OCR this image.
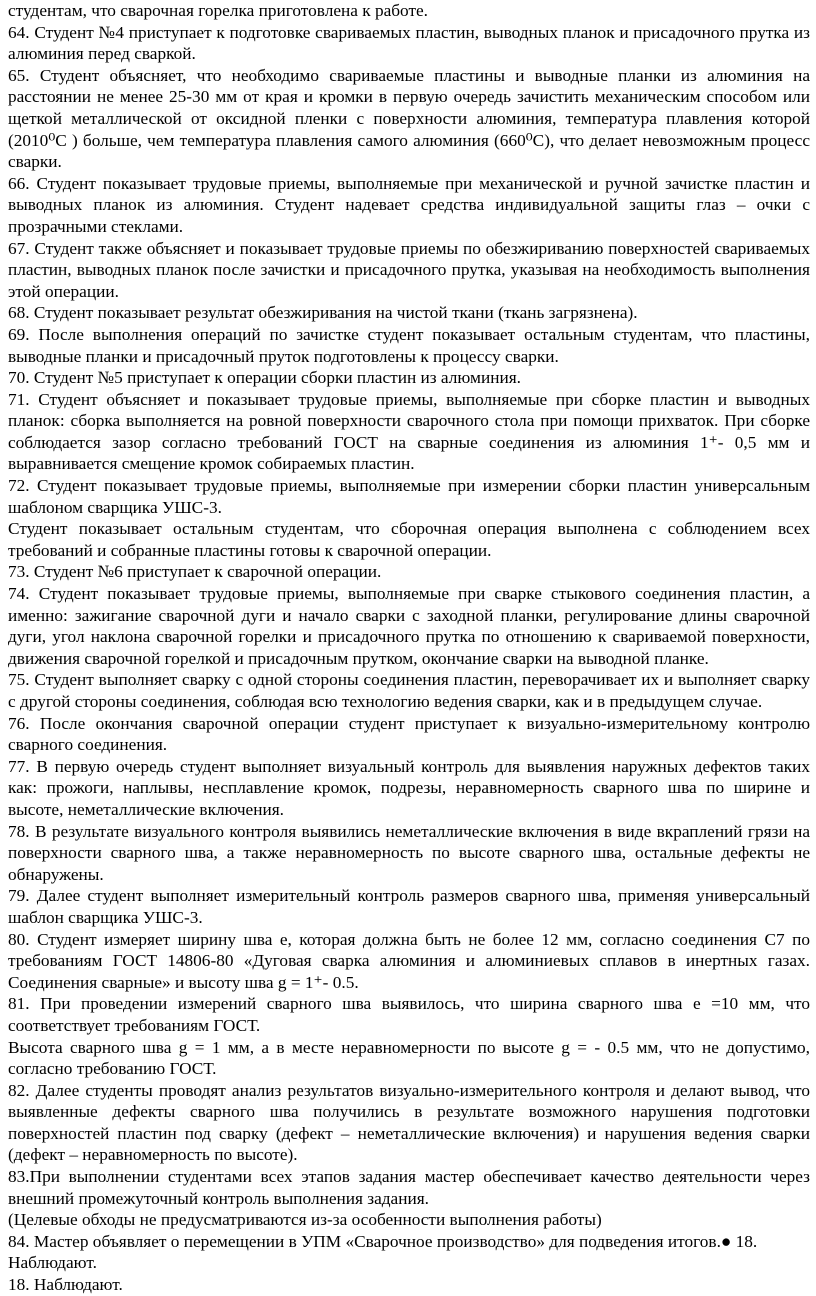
студентам, что сварочная горелка приготовлена к работе.

64. Студент №4 приступает к подготовке свариваемых пластин, выводных планок и присадочного прутка из алюминия перед сваркой.

65. Студент объясняет, что необходимо свариваемые пластины и выводные планки из алюминия на расстоянии не менее 25-30 мм от края и кромки в первую очередь зачистить механическим способом или щеткой металлической от оксидной пленки с поверхности алюминия, температура плавления которой (2010⁰С ) больше, чем температура плавления самого алюминия (660⁰С), что делает невозможным процесс сварки.

66. Студент показывает трудовые приемы, выполняемые при механической и ручной зачистке пластин и выводных планок из алюминия. Студент надевает средства индивидуальной защиты глаз – очки с прозрачными стеклами.

67. Студент также объясняет и показывает трудовые приемы по обезжириванию поверхностей свариваемых пластин, выводных планок после зачистки и присадочного прутка, указывая на необходимость выполнения этой операции.

68. Студент показывает результат обезжиривания на чистой ткани (ткань загрязнена).

69. После выполнения операций по зачистке студент показывает остальным студентам, что пластины, выводные планки и присадочный пруток подготовлены к процессу сварки.

70. Студент №5 приступает к операции сборки пластин из алюминия.

71. Студент объясняет и показывает трудовые приемы, выполняемые при сборке пластин и выводных планок: сборка выполняется на ровной поверхности сварочного стола при помощи прихваток. При сборке соблюдается зазор согласно требований ГОСТ на сварные соединения из алюминия 1⁺- 0,5 мм и выравнивается смещение кромок собираемых пластин.

72. Студент показывает трудовые приемы, выполняемые при измерении сборки пластин универсальным шаблоном сварщика УШС-3.

Студент показывает остальным студентам, что сборочная операция выполнена с соблюдением всех требований и собранные пластины готовы к сварочной операции.

73. Студент №6 приступает к сварочной операции.

74. Студент показывает трудовые приемы, выполняемые при сварке стыкового соединения пластин, а именно: зажигание сварочной дуги и начало сварки с заходной планки, регулирование длины сварочной дуги, угол наклона сварочной горелки и присадочного прутка по отношению к свариваемой поверхности, движения сварочной горелкой и присадочным прутком, окончание сварки на выводной планке.

75. Студент выполняет сварку с одной стороны соединения пластин, переворачивает их и выполняет сварку с другой стороны соединения, соблюдая всю технологию ведения сварки, как и в предыдущем случае.

76. После окончания сварочной операции студент приступает к визуально-измерительному контролю сварного соединения.

77. В первую очередь студент выполняет визуальный контроль для выявления наружных дефектов таких как: прожоги, наплывы, несплавление кромок, подрезы, неравномерность сварного шва по ширине и высоте, неметаллические включения.

78. В результате визуального контроля выявились неметаллические включения в виде вкраплений грязи на поверхности сварного шва, а также неравномерность по высоте сварного шва, остальные дефекты не обнаружены.

79. Далее студент выполняет измерительный контроль размеров сварного шва, применяя универсальный шаблон сварщика УШС-3.

80. Студент измеряет ширину шва е, которая должна быть не более 12 мм, согласно соединения С7 по требованиям ГОСТ 14806-80 «Дуговая сварка алюминия и алюминиевых сплавов в инертных газах. Соединения сварные» и высоту шва g = 1⁺- 0.5.

81. При проведении измерений сварного шва выявилось, что ширина сварного шва е =10 мм, что соответствует требованиям ГОСТ.

Высота сварного шва g = 1 мм, а в месте неравномерности по высоте g = - 0.5 мм, что не допустимо, согласно требованию ГОСТ.

82. Далее студенты проводят анализ результатов визуально-измерительного контроля и делают вывод, что выявленные дефекты сварного шва получились в результате возможного нарушения подготовки поверхностей пластин под сварку (дефект – неметаллические включения) и нарушения ведения сварки (дефект – неравномерность по высоте).

83.При выполнении студентами всех этапов задания мастер обеспечивает качество деятельности через внешний промежуточный контроль выполнения задания.

(Целевые обходы не предусматриваются из-за особенности выполнения работы)

84. Мастер объявляет о перемещении в УПМ «Сварочное производство» для подведения итогов.● 18. Наблюдают.

18. Наблюдают.
